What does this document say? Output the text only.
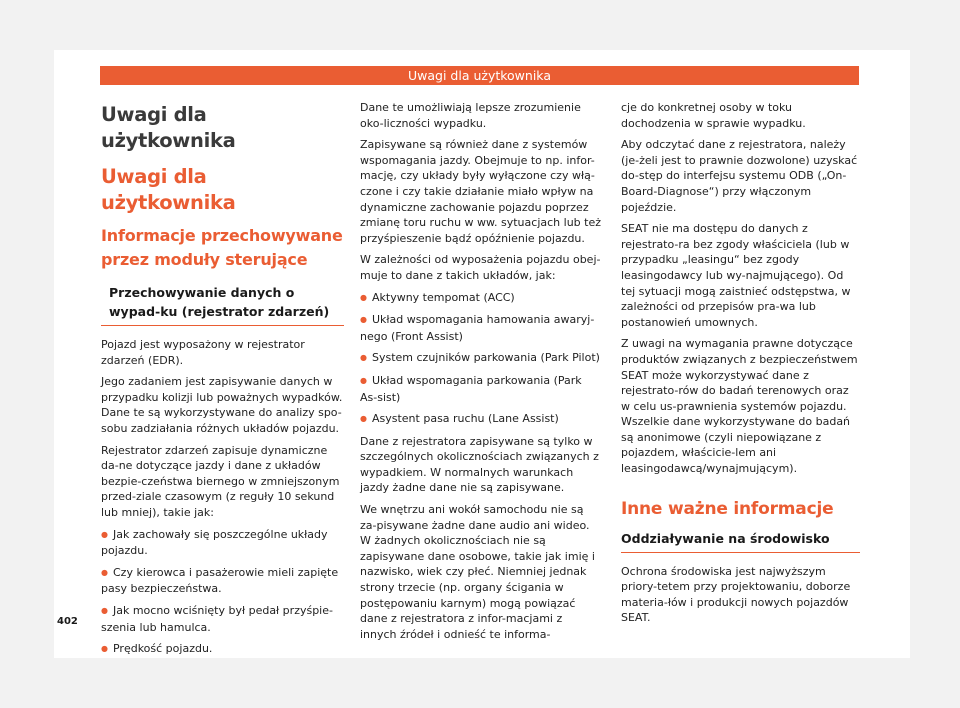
Uwagi dla użytkownika
Uwagi dla użytkownika
Uwagi dla użytkownika
Informacje przechowywane przez moduły sterujące
Przechowywanie danych o wypad-ku (rejestrator zdarzeń)

Pojazd jest wyposażony w rejestrator zdarzeń (EDR).

Jego zadaniem jest zapisywanie danych w przypadku kolizji lub poważnych wypadków. Dane te są wykorzystywane do analizy spo-sobu zadziałania różnych układów pojazdu.

Rejestrator zdarzeń zapisuje dynamiczne da-ne dotyczące jazdy i dane z układów bezpie-czeństwa biernego w zmniejszonym przed-ziale czasowym (z reguły 10 sekund lub mniej), takie jak:

● Jak zachowały się poszczególne układy pojazdu.

● Czy kierowca i pasażerowie mieli zapięte pasy bezpieczeństwa.

● Jak mocno wciśnięty był pedał przyśpie-szenia lub hamulca.

● Prędkość pojazdu.

Dane te umożliwiają lepsze zrozumienie oko-liczności wypadku.

Zapisywane są również dane z systemów wspomagania jazdy. Obejmuje to np. infor-mację, czy układy były wyłączone czy włą-czone i czy takie działanie miało wpływ na dynamiczne zachowanie pojazdu poprzez zmianę toru ruchu w ww. sytuacjach lub też przyśpieszenie bądź opóźnienie pojazdu.

W zależności od wyposażenia pojazdu obej-muje to dane z takich układów, jak:

● Aktywny tempomat (ACC)

● Układ wspomagania hamowania awaryj-nego (Front Assist)

● System czujników parkowania (Park Pilot)

● Układ wspomagania parkowania (Park As-sist)

● Asystent pasa ruchu (Lane Assist)

Dane z rejestratora zapisywane są tylko w szczególnych okolicznościach związanych z wypadkiem. W normalnych warunkach jazdy żadne dane nie są zapisywane.

We wnętrzu ani wokół samochodu nie są za-pisywane żadne dane audio ani wideo. W żadnych okolicznościach nie są zapisywane dane osobowe, takie jak imię i nazwisko, wiek czy płeć. Niemniej jednak strony trzecie (np. organy ścigania w postępowaniu karnym) mogą powiązać dane z rejestratora z infor-macjami z innych źródeł i odnieść te informa-

cje do konkretnej osoby w toku dochodzenia w sprawie wypadku.

Aby odczytać dane z rejestratora, należy (je-żeli jest to prawnie dozwolone) uzyskać do-stęp do interfejsu systemu ODB („On-Board-Diagnose“) przy włączonym pojeździe.

SEAT nie ma dostępu do danych z rejestrato-ra bez zgody właściciela (lub w przypadku „leasingu“ bez zgody leasingodawcy lub wy-najmującego). Od tej sytuacji mogą zaistnieć odstępstwa, w zależności od przepisów pra-wa lub postanowień umownych.

Z uwagi na wymagania prawne dotyczące produktów związanych z bezpieczeństwem SEAT może wykorzystywać dane z rejestrato-rów do badań terenowych oraz w celu us-prawnienia systemów pojazdu. Wszelkie dane wykorzystywane do badań są anonimowe (czyli niepowiązane z pojazdem, właścicie-lem ani leasingodawcą/wynajmującym).

Inne ważne informacje
Oddziaływanie na środowisko

Ochrona środowiska jest najwyższym priory-tetem przy projektowaniu, doborze materia-łów i produkcji nowych pojazdów SEAT.

402
